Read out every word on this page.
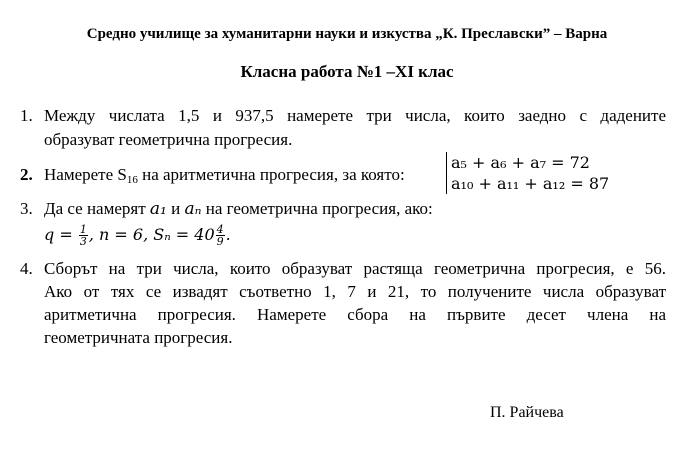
Средно училище за хуманитарни науки и изкуства „К. Преславски” – Варна
Класна работа №1 –XI клас
1. Между числата 1,5 и 937,5 намерете три числа, които заедно с дадените
образуват геометрична прогресия.
2. Намерете $S_{16}$ на аритметична прогресия, за която:
a₅ + a₆ + a₇ = 72
a₁₀ + a₁₁ + a₁₂ = 87
3. Да се намерят a₁ и aₙ на геометрична прогресия, ако:
$q = \frac{1}{3}$ , n = 6, $S_n = 40 \frac{4}{9}$ .
4. Сборът на три числа, които образуват растяща геометрична прогресия, е 56.
Ако от тях се извадят съответно 1, 7 и 21, то получените числа образуват
аритметична прогресия. Намерете сбора на първите десет члена на
геометричната прогресия.
П. Райчева
